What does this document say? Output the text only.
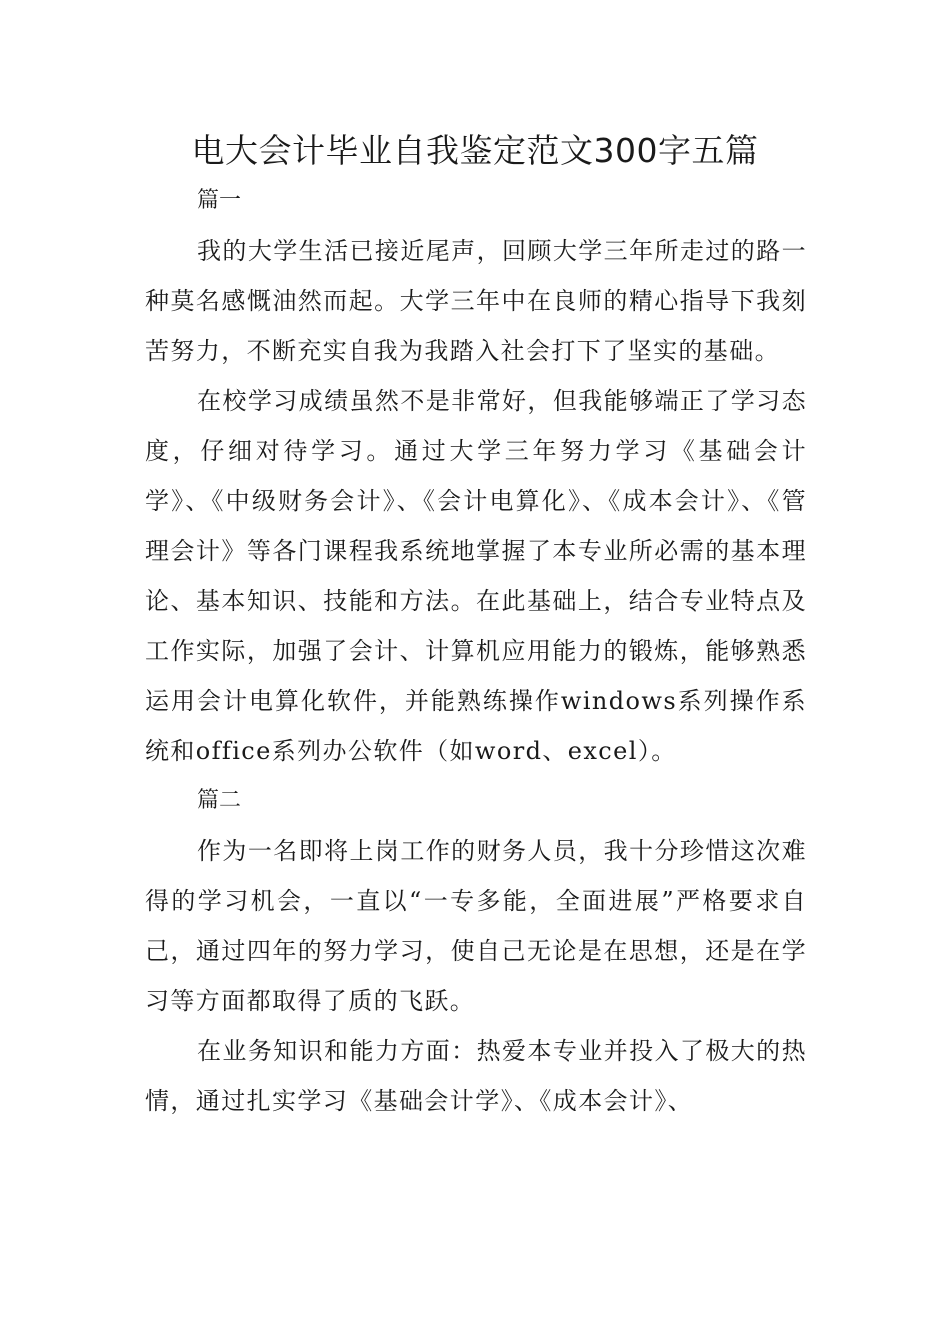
电大会计毕业自我鉴定范文300字五篇

篇一

我的大学生活已接近尾声，回顾大学三年所走过的路一种莫名感慨油然而起。大学三年中在良师的精心指导下我刻苦努力，不断充实自我为我踏入社会打下了坚实的基础。

在校学习成绩虽然不是非常好，但我能够端正了学习态度，仔细对待学习。通过大学三年努力学习《基础会计学》、《中级财务会计》、《会计电算化》、《成本会计》、《管理会计》等各门课程我系统地掌握了本专业所必需的基本理论、基本知识、技能和方法。在此基础上，结合专业特点及工作实际，加强了会计、计算机应用能力的锻炼，能够熟悉运用会计电算化软件，并能熟练操作windows系列操作系统和office系列办公软件（如word、excel）。

篇二

作为一名即将上岗工作的财务人员，我十分珍惜这次难得的学习机会，一直以“一专多能，全面进展”严格要求自己，通过四年的努力学习，使自己无论是在思想，还是在学习等方面都取得了质的飞跃。

在业务知识和能力方面：热爱本专业并投入了极大的热情，通过扎实学习《基础会计学》、《成本会计》、
